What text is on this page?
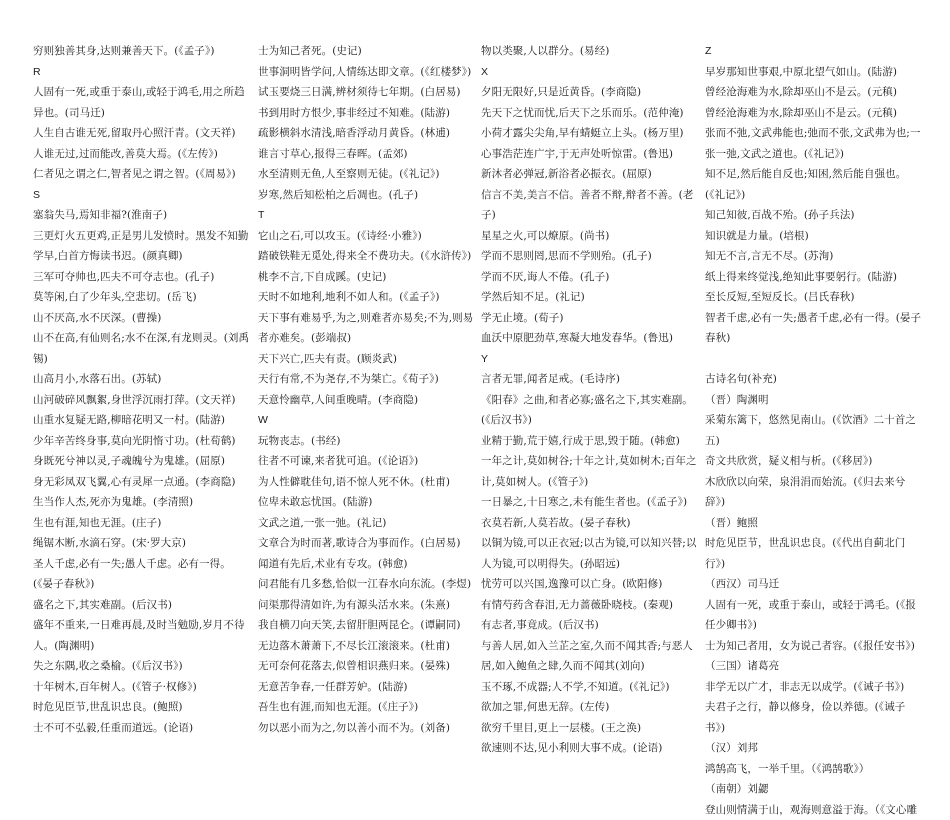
穷则独善其身,达则兼善天下。(《孟子》)

R

人固有一死,或重于泰山,或轻于鸿毛,用之所趋异也。(司马迁)

人生自古谁无死,留取丹心照汗青。(文天祥)

人谁无过,过而能改,善莫大焉。(《左传》)

仁者见之谓之仁,智者见之谓之智。(《周易》)

S

塞翁失马,焉知非福?(淮南子)

三更灯火五更鸡,正是男儿发愤时。黑发不知勤学早,白首方悔读书迟。(颜真卿)

三军可夺帅也,匹夫不可夺志也。(孔子)

莫等闲,白了少年头,空悲切。(岳飞)

山不厌高,水不厌深。(曹操)

山不在高,有仙则名;水不在深,有龙则灵。(刘禹锡)

山高月小,水落石出。(苏轼)

山河破碎风飘絮,身世浮沉雨打萍。(文天祥)

山重水复疑无路,柳暗花明又一村。(陆游)

少年辛苦终身事,莫向光阴惰寸功。(杜荀鹤)

身既死兮神以灵,子魂魄兮为鬼雄。(屈原)

身无彩凤双飞翼,心有灵犀一点通。(李商隐)

生当作人杰,死亦为鬼雄。(李清照)

生也有涯,知也无涯。(庄子)

绳锯木断,水滴石穿。(宋·罗大京)

圣人千虑,必有一失;愚人千虑。必有一得。(《晏子春秋》)

盛名之下,其实难副。(后汉书)

盛年不重来,一日难再晨,及时当勉励,岁月不待人。(陶渊明)

失之东隅,收之桑榆。(《后汉书》)

十年树木,百年树人。(《管子·权修》)

时危见臣节,世乱识忠良。(鲍照)

士不可不弘毅,任重而道远。(论语)

士为知己者死。(史记)

世事洞明皆学问,人情练达即文章。(《红楼梦》)

试玉要烧三日满,辨材须待七年期。(白居易)

书到用时方恨少,事非经过不知难。(陆游)

疏影横斜水清浅,暗香浮动月黄昏。(林逋)

谁言寸草心,报得三春晖。(孟郊)

水至清则无鱼,人至察则无徒。(《礼记》)

岁寒,然后知松柏之后凋也。(孔子)

T

它山之石,可以攻玉。(《诗经·小雅》)

踏破铁鞋无觅处,得来全不费功夫。(《水浒传》)

桃李不言,下自成蹊。(史记)

天时不如地利,地利不如人和。(《孟子》)

天下事有难易乎,为之,则难者亦易矣;不为,则易者亦难矣。(彭端叔)

天下兴亡,匹夫有责。(顾炎武)

天行有常,不为尧存,不为桀亡。《荀子》)

天意怜幽草,人间重晚晴。(李商隐)

W

玩物丧志。(书经)

往者不可谏,来者犹可追。(《论语》)

为人性僻耽佳句,语不惊人死不休。(杜甫)

位卑未敢忘忧国。(陆游)

文武之道,一张一弛。(礼记)

文章合为时而著,歌诗合为事而作。(白居易)

闻道有先后,术业有专攻。(韩愈)

问君能有几多愁,恰似一江春水向东流。(李煜)

问渠那得清如许,为有源头活水来。(朱熹)

我自横刀向天笑,去留肝胆两昆仑。(谭嗣同)

无边落木萧萧下,不尽长江滚滚来。(杜甫)

无可奈何花落去,似曾相识燕归来。(晏殊)

无意苦争春,一任群芳妒。(陆游)

吾生也有涯,而知也无涯。(《庄子》)

勿以恶小而为之,勿以善小而不为。(刘备)

物以类聚,人以群分。(易经)

X

夕阳无限好,只是近黄昏。(李商隐)

先天下之忧而忧,后天下之乐而乐。(范仲淹)

小荷才露尖尖角,早有蜻蜓立上头。(杨万里)

心事浩茫连广宇,于无声处听惊雷。(鲁迅)

新沐者必弹冠,新浴者必振衣。(屈原)

信言不美,美言不信。善者不辩,辩者不善。(老子)

星星之火,可以燎原。(尚书)

学而不思则罔,思而不学则殆。(孔子)

学而不厌,诲人不倦。(孔子)

学然后知不足。(礼记)

学无止境。(荀子)

血沃中原肥劲草,寒凝大地发春华。(鲁迅)

Y

言者无罪,闻者足戒。(毛诗序)

《阳春》之曲,和者必寡;盛名之下,其实难副。(《后汉书》)

业精于勤,荒于嬉,行成于思,毁于随。(韩愈)

一年之计,莫如树谷;十年之计,莫如树木;百年之计,莫如树人。(《管子》)

一日暴之,十日寒之,未有能生者也。(《孟子》)

衣莫若新,人莫若故。(晏子春秋)

以铜为镜,可以正衣冠;以古为镜,可以知兴替;以人为镜,可以明得失。(孙昭远)

忧劳可以兴国,逸豫可以亡身。(欧阳修)

有情芍药含春泪,无力蔷薇卧晓枝。(秦观)

有志者,事竟成。(后汉书)

与善人居,如入兰芷之室,久而不闻其香;与恶人居,如入鲍鱼之肆,久而不闻其(刘向)

玉不琢,不成器;人不学,不知道。(《礼记》)

欲加之罪,何患无辞。(左传)

欲穷千里目,更上一层楼。(王之涣)

欲速则不达,见小利则大事不成。(论语)

Z

早岁那知世事艰,中原北望气如山。(陆游)

曾经沧海难为水,除却巫山不是云。(元稹)

曾经沧海难为水,除却巫山不是云。(元稹)

张而不弛,文武弗能也;弛而不张,文武弗为也;一张一弛,文武之道也。(《礼记》)

知不足,然后能自反也;知困,然后能自强也。(《礼记》)

知己知彼,百战不殆。(孙子兵法)

知识就是力量。(培根)

知无不言,言无不尽。(苏洵)

纸上得来终觉浅,绝知此事要躬行。(陆游)

至长反短,至短反长。(吕氏春秋)

智者千虑,必有一失;愚者千虑,必有一得。(晏子春秋)

古诗名句(补充)

（晋）陶渊明

采菊东篱下，悠然见南山。(《饮酒》二十首之五)

奇文共欣赏，疑义相与析。(《移居》)

木欣欣以向荣，泉涓涓而始流。(《归去来兮辞》)

（晋）鲍照

时危见臣节，世乱识忠良。(《代出自蓟北门行》)

（西汉）司马迁

人固有一死，或重于泰山，或轻于鸿毛。(《报任少卿书》)

士为知己者用，女为说己者容。(《报任安书》)

（三国）诸葛亮

非学无以广才，非志无以成学。(《诫子书》)

夫君子之行，静以修身，俭以养德。(《诫子书》)

（汉）刘邦

鸿鹄高飞，一举千里。（《鸿鹄歌》）

（南朝）刘勰

登山则情满于山，观海则意溢于海。（《文心雕
